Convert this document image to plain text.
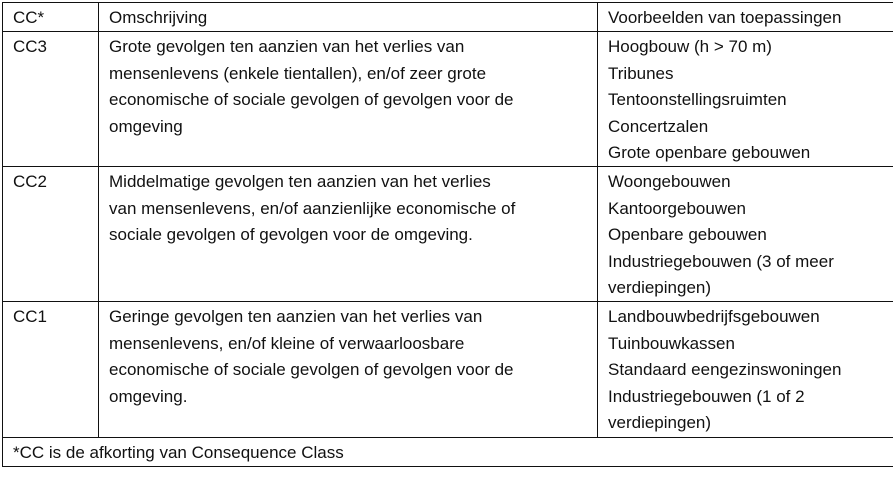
CC*	Omschrijving	Voorbeelden van toepassingen
CC3	Grote gevolgen ten aanzien van het verlies van
mensenlevens (enkele tientallen), en/of zeer grote
economische of sociale gevolgen of gevolgen voor de
omgeving	Hoogbouw (h > 70 m)
Tribunes
Tentoonstellingsruimten
Concertzalen
Grote openbare gebouwen

CC2	Middelmatige gevolgen ten aanzien van het verlies
van mensenlevens, en/of aanzienlijke economische of
sociale gevolgen of gevolgen voor de omgeving.	Woongebouwen
Kantoorgebouwen
Openbare gebouwen
Industriegebouwen (3 of meer
verdiepingen)

CC1	Geringe gevolgen ten aanzien van het verlies van
mensenlevens, en/of kleine of verwaarloosbare
economische of sociale gevolgen of gevolgen voor de
omgeving.	Landbouwbedrijfsgebouwen
Tuinbouwkassen
Standaard eengezinswoningen
Industriegebouwen (1 of 2
verdiepingen)

*CC is de afkorting van Consequence Class		
